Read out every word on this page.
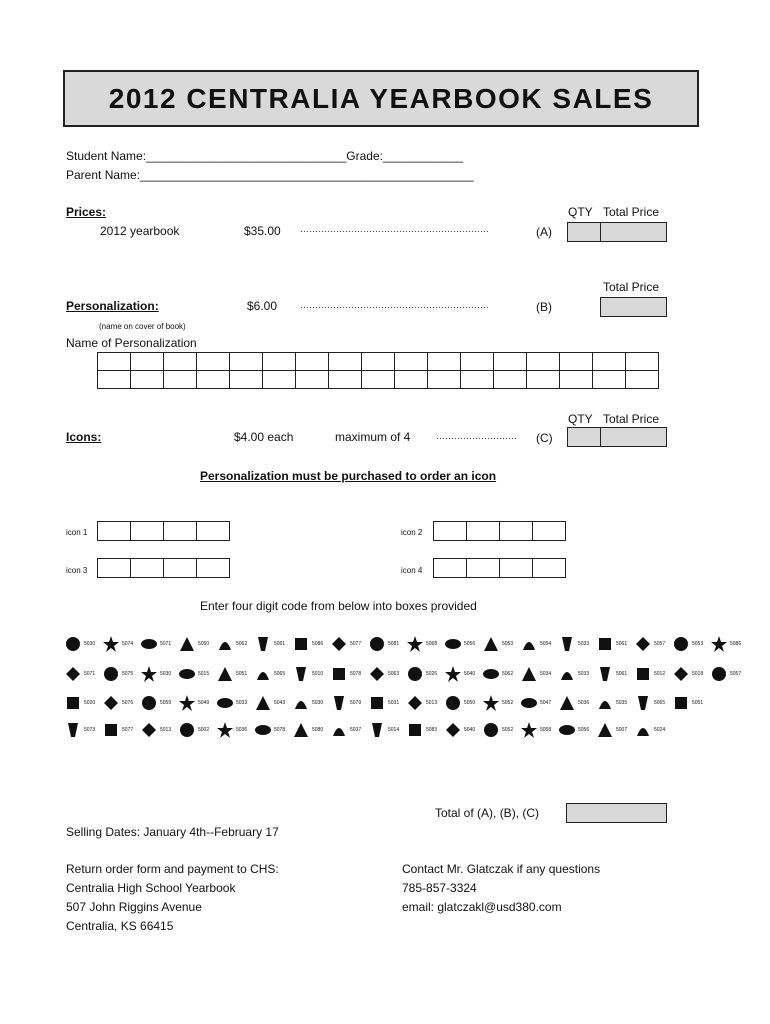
2012 CENTRALIA YEARBOOK SALES
Student Name:______________________________Grade:____________
Parent Name:__________________________________________________
QTY Total Price
Prices:
2012 yearbook	$35.00 ………………………………………………………	(A)
Total Price
Personalization:	$6.00	………………………………………………………	(B)
(name on cover of book)
Name of Personalization

QTY Total Price
Icons:	$4.00 each	maximum of 4	………………………	(C)
Personalization must be purchased to order an icon
icon 1
				icon 2

icon 3
				icon 4

Enter four digit code from below into boxes provided
5030	5074	5071	5050	5062	5061	5086	5077	5081	5068	5056	5053	5054	5033	5061	5057	5053	5086
5071	5075	5030	5015	5051	5065	5010	5078	5063	5026	5040	5062	5034	5033	5061	5012	5018	5057
5020	5076	5059	5049	5033	5043	5030	5079	5031	5013	5050	5052	5047	5036	5035	5065	5051
5073	5077	5013	5002	5036	5078	5080	5037	5014	5083	5040	5052	5058	5056	5007	5024
Total of (A), (B), (C)
Selling Dates: January 4th--February 17
Return order form and payment to CHS:
Centralia High School Yearbook
507 John Riggins Avenue
Centralia, KS 66415
Contact Mr. Glatczak if any questions
785-857-3324
email: glatczakl@usd380.com
